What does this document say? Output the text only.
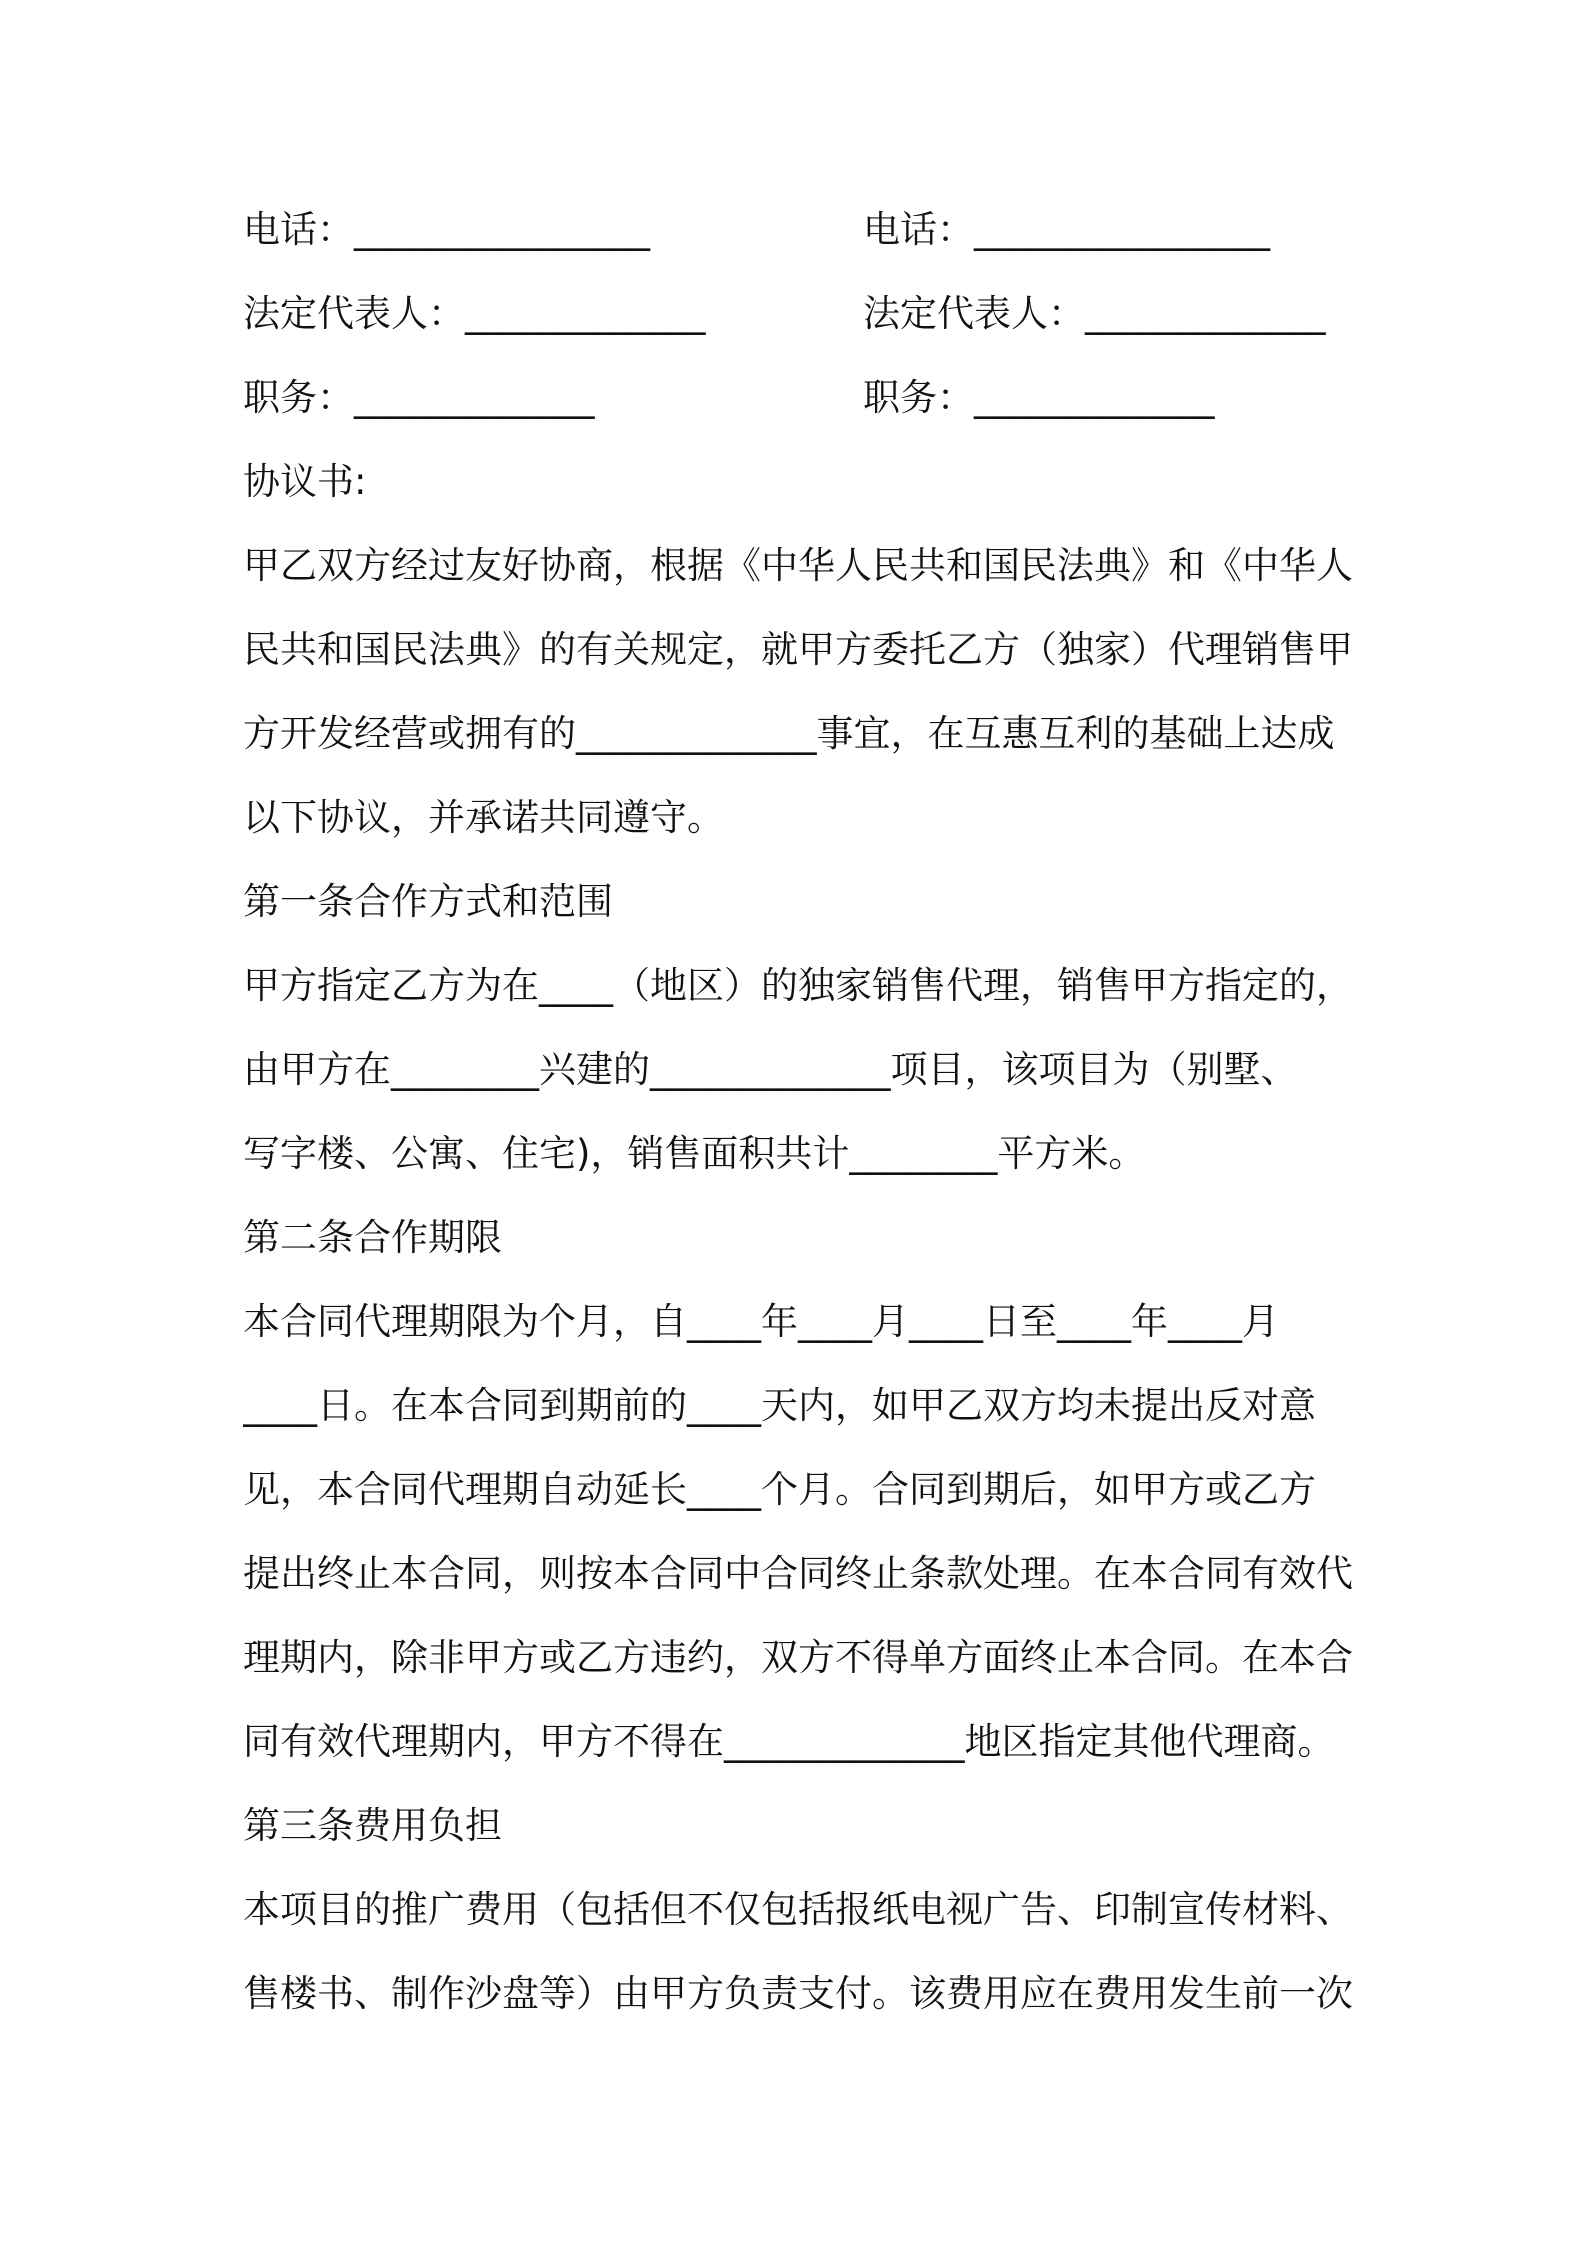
电话：________________	电话：________________
法定代表人：_____________	法定代表人：_____________
职务：_____________	职务：_____________
协议书:
甲乙双方经过友好协商，根据《中华人民共和国民法典》和《中华人
民共和国民法典》的有关规定，就甲方委托乙方（独家）代理销售甲
方开发经营或拥有的_____________事宜，在互惠互利的基础上达成
以下协议，并承诺共同遵守。
第一条合作方式和范围
甲方指定乙方为在____（地区）的独家销售代理，销售甲方指定的，
由甲方在________兴建的_____________项目，该项目为（别墅、
写字楼、公寓、住宅)，销售面积共计________平方米。
第二条合作期限
本合同代理期限为个月，自____年____月____日至____年____月
____日。在本合同到期前的____天内，如甲乙双方均未提出反对意
见，本合同代理期自动延长____个月。合同到期后，如甲方或乙方
提出终止本合同，则按本合同中合同终止条款处理。在本合同有效代
理期内，除非甲方或乙方违约，双方不得单方面终止本合同。在本合
同有效代理期内，甲方不得在_____________地区指定其他代理商。
第三条费用负担
本项目的推广费用（包括但不仅包括报纸电视广告、印制宣传材料、
售楼书、制作沙盘等）由甲方负责支付。该费用应在费用发生前一次
